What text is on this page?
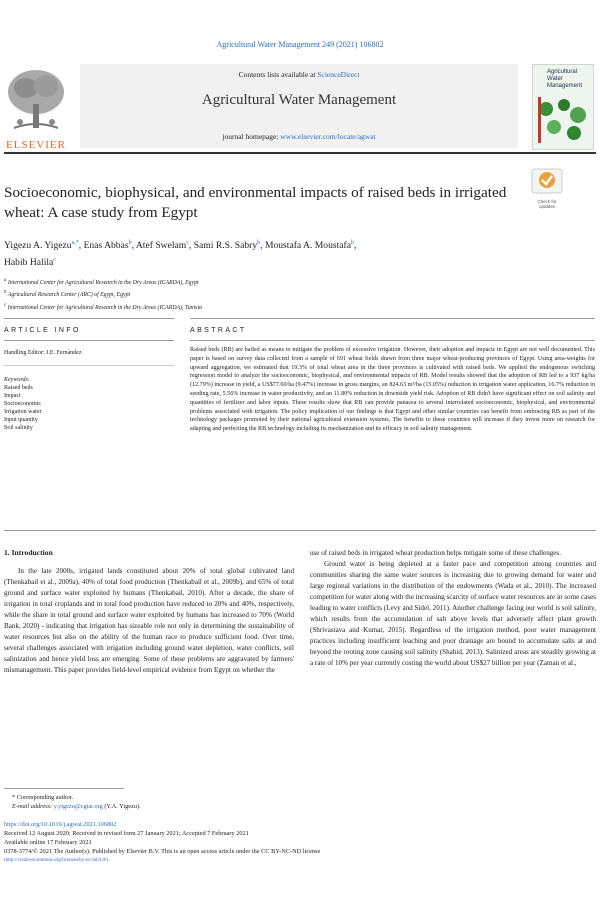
Agricultural Water Management 249 (2021) 106802
ELSEVIER
Contents lists available at ScienceDirect
Agricultural Water Management
journal homepage: www.elsevier.com/locate/agwat
Agricultural Water Management
Socioeconomic, biophysical, and environmental impacts of raised beds in irrigated wheat: A case study from Egypt
Check for updates
Yigezu A. Yigezu$^{a,*}$, Enas Abbas$^b$, Atef Swelam$^c$, Sami R.S. Sabry$^b$, Moustafa A. Moustafa$^b$,
Habib Halila$^c$
$^a$ International Center for Agricultural Research in the Dry Areas (ICARDA), Egypt
$^b$ Agricultural Research Center (ARC) of Egypt, Egypt
$^c$ International Center for Agricultural Research in the Dry Areas (ICARDA), Tunisia
ARTICLE INFO
Handling Editor: J.E. Fernández
Keywords:
Raised beds
Impact
Socioeconomic
Irrigation water
Input quantity
Soil salinity
ABSTRACT
Raised beds (RB) are hailed as means to mitigate the problem of excessive irrigation. However, their adoption and impacts in Egypt are not well documented. This paper is based on survey data collected from a sample of 691 wheat fields drawn from three major wheat-producing provinces of Egypt. Using area-weights for upward aggregation, we estimated that 19.3% of total wheat area in the three provinces is cultivated with raised beds. We applied the endogenous switching regression model to analyze the socioeconomic, biophysical, and environmental impacts of RB. Model results showed that the adoption of RB led to a 937 kg/ha (12.79%) increase in yield, a US$77.60/ha (9.47%) increase in gross margins, an 824.63 m³/ha (15.05%) reduction in irrigation water application, 16.7% reduction in seeding rate, 5.56% increase in water productivity, and an 11.80% reduction in downside yield risk. Adoption of RB didn't have significant effect on soil salinity and quantities of fertilizer and labor inputs. These results show that RB can provide panacea to several interrelated socioeconomic, biophysical, and environmental problems associated with irrigation. The policy implication of our findings is that Egypt and other similar countries can benefit from embracing RB as part of the technology packages promoted by their national agricultural extension systems. The benefits to these countries will increase if they invest more on research for adapting and perfecting the RB technology including its mechanization and its efficacy in soil salinity management.
1. Introduction
In the late 2000s, irrigated lands constituted about 20% of total global cultivated land (Thenkabail et al., 2009a), 40% of total food production (Thenkabail et al., 2009b), and 65% of total ground and surface water exploited by humans (Thenkabail, 2010). After a decade, the share of irrigation in total croplands and in total food production have reduced to 20% and 40%, respectively, while the share in total ground and surface water exploited by humans has increased to 70% (World Bank, 2020) - indicating that irrigation has sizeable role not only in determining the sustainability of water resources but also on the ability of the human race to produce sufficient food. Over time, several challenges associated with irrigation including ground water depletion, water conflicts, soil salinization and hence yield loss are emerging. Some of these problems are aggravated by farmers' mismanagement. This paper provides field-level empirical evidence from Egypt on whether the
use of raised beds in irrigated wheat production helps mitigate some of these challenges.
Ground water is being depleted at a faster pace and competition among countries and communities sharing the same water sources is increasing due to growing demand for water and large regional variations in the distribution of the endowments (Wada et al., 2010). The increased competition for water along with the increasing scarcity of surface water resources are in some cases leading to water conflicts (Levy and Sidel, 2011). Another challenge facing our world is soil salinity, which results from the accumulation of salt above levels that adversely affect plant growth (Shrivastava and Kumar, 2015). Regardless of the irrigation method, poor water management practices including insufficient leaching and poor drainage are bound to accumulate salts at and beyond the rooting zone causing soil salinity (Shahid, 2013). Salinized areas are steadily growing at a rate of 10% per year currently costing the world about US$27 billion per year (Zaman et al.,
* Corresponding author.
E-mail address: y.yigezu@cgiar.org (Y.A. Yigezu).
https://doi.org/10.1016/j.agwat.2021.106802
Received 12 August 2020; Received in revised form 27 January 2021; Accepted 7 February 2021
Available online 17 February 2021
0378-3774/© 2021 The Author(s). Published by Elsevier B.V. This is an open access article under the CC BY-NC-ND license
(http://creativecommons.org/licenses/by-nc-nd/4.0/).
